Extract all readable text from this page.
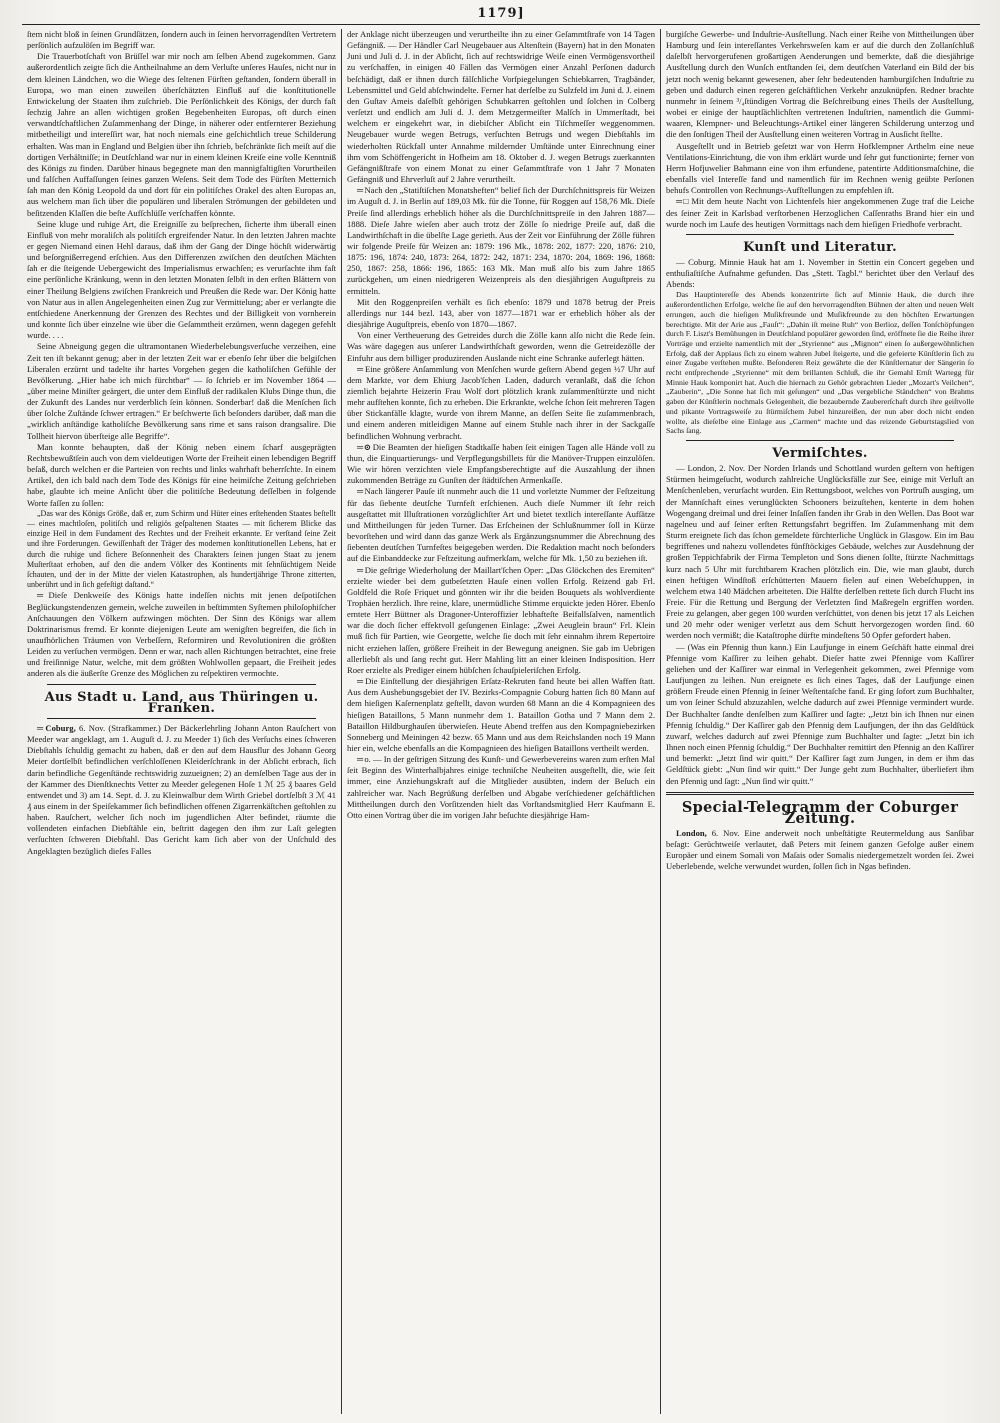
1179]

ſtem nicht bloß in ſeinen Grundſätzen, ſondern auch in ſeinen hervorragendſten Vertretern perſönlich aufzulöſen im Begriff war.

Die Trauerbotſchaft von Brüſſel war mir noch am ſelben Abend zugekommen. Ganz außerordentlich zeigte ſich die Antheilnahme an dem Verluſte unſeres Hauſes, nicht nur in dem kleinen Ländchen, wo die Wiege des ſeltenen Fürſten geſtanden, ſondern überall in Europa, wo man einen zuweilen überſchätzten Einfluß auf die konſtitutionelle Entwickelung der Staaten ihm zuſchrieb. Die Perſönlichkeit des Königs, der durch faſt ſechzig Jahre an allen wichtigen großen Begebenheiten Europas, oft durch einen verwandtſchaftlichen Zuſammenhang der Dinge, in näherer oder entfernterer Beziehung mitbetheiligt und intereſſirt war, hat noch niemals eine geſchichtlich treue Schilderung erhalten. Was man in England und Belgien über ihn ſchrieb, beſchränkte ſich meiſt auf die dortigen Verhältniſſe; in Deutſchland war nur in einem kleinen Kreiſe eine volle Kenntniß des Königs zu finden. Darüber hinaus begegnete man den mannigfaltigſten Vorurtheilen und falſchen Auffaſſungen ſeines ganzen Weſens. Seit dem Tode des Fürſten Metternich ſah man den König Leopold da und dort für ein politiſches Orakel des alten Europas an, aus welchem man ſich über die populären und liberalen Strömungen der gebildeten und beſitzenden Klaſſen die beſte Aufſchlüſſe verſchaffen könnte.

Seine kluge und ruhige Art, die Ereigniſſe zu beſprechen, ſicherte ihm überall einen Einfluß von mehr moraliſch als politiſch ergreifender Natur. In den letzten Jahren machte er gegen Niemand einen Hehl daraus, daß ihm der Gang der Dinge höchſt widerwärtig und beſorgnißerregend erſchien. Aus den Differenzen zwiſchen den deutſchen Mächten ſah er die ſteigende Uebergewicht des Imperialismus erwachſen; es verurſachte ihm faſt eine perſönliche Kränkung, wenn in den letzten Monaten ſelbſt in den erſten Blättern von einer Theilung Belgiens zwiſchen Frankreich und Preußen die Rede war. Der König hatte von Natur aus in allen Angelegenheiten einen Zug zur Vermittelung; aber er verlangte die entſchiedene Anerkennung der Grenzen des Rechtes und der Billigkeit von vornherein und konnte ſich über einzelne wie über die Geſammtheit erzürnen, wenn dagegen gefehlt wurde. . . .

Seine Abneigung gegen die ultramontanen Wiederbelebungsverſuche verzeihen, eine Zeit ten iſt bekannt genug; aber in der letzten Zeit war er ebenſo ſehr über die belgiſchen Liberalen erzürnt und tadelte ihr hartes Vorgehen gegen die katholiſchen Gefühle der Bevölkerung. „Hier habe ich mich fürchtbar“ — ſo ſchrieb er im November 1864 — „über meine Miniſter geärgert, die unter dem Einfluß der radikalen Klubs Dinge thun, die der Zukunft des Landes nur verderblich ſein können. Sonderbar! daß die Menſchen ſich über ſolche Zuſtände ſchwer ertragen.“ Er beſchwerte ſich beſonders darüber, daß man die „wirklich anſtändige katholiſche Bevölkerung sans rime et sans raison drangsalire. Die Tollheit hiervon überſteige alle Begriffe“.

Man konnte behaupten, daß der König neben einem ſcharf ausgeprägten Rechtsbewußtſein auch von dem vieldeutigen Worte der Freiheit einen lebendigen Begriff beſaß, durch welchen er die Parteien von rechts und links wahrhaft beherrſchte. In einem Artikel, den ich bald nach dem Tode des Königs für eine heimiſche Zeitung geſchrieben habe, glaubte ich meine Anſicht über die politiſche Bedeutung deſſelben in folgende Worte faſſen zu ſollen:

„Das war des Königs Größe, daß er, zum Schirm und Hüter eines erſtehenden Staates beſtellt — eines machtloſen, politiſch und religiös geſpaltenen Staates — mit ſicherem Blicke das einzige Heil in dem Fundament des Rechtes und der Freiheit erkannte. Er verſtand ſeine Zeit und ihre Forderungen. Gewiſſenhaft der Träger des modernen konſtitutionellen Lebens, hat er durch die ruhige und ſichere Beſonnenheit des Charakters ſeinen jungen Staat zu jenem Muſterſtaat erhoben, auf den die andern Völker des Kontinents mit ſehnſüchtigem Neide ſchauten, und der in der Mitte der vielen Katastrophen, als hundertjährige Throne zitterten, unberührt und in ſich gefeſtigt daſtand.“

═ Dieſe Denkweiſe des Königs hatte indeſſen nichts mit jenen deſpotiſchen Beglückungstendenzen gemein, welche zuweilen in beſtimmten Syſtemen philoſophiſcher Anſchauungen den Völkern aufzwingen möchten. Der Sinn des Königs war allem Doktrinarismus fremd. Er konnte diejenigen Leute am wenigſten begreifen, die ſich in unaufhörlichen Träumen von Verbeſſern, Reformiren und Revolutioniren die größten Leiden zu verſuchen vermögen. Denn er war, nach allen Richtungen betrachtet, eine freie und freiſinnige Natur, welche, mit dem größten Wohlwollen gepaart, die Freiheit jedes anderen als die äußerſte Grenze des Möglichen zu reſpektiren vermochte.

Aus Stadt u. Land, aus Thüringen u. Franken.

═ Coburg, 6. Nov. (Strafkammer.) Der Bäckerlehrling Johann Anton Rauſchert von Meeder war angeklagt, am 1. Auguſt d. J. zu Meeder 1) ſich des Verſuchs eines ſchweren Diebſtahls ſchuldig gemacht zu haben, daß er den auf dem Hausflur des Johann Georg Meier dortſelbſt befindlichen verſchloſſenen Kleiderſchrank in der Abſicht erbrach, ſich darin befindliche Gegenſtände rechtswidrig zuzueignen; 2) an demſelben Tage aus der in der Kammer des Dienſtknechts Vetter zu Meeder gelegenen Hoſe 1 ℳ 25 ₰ baares Geld entwendet und 3) am 14. Sept. d. J. zu Kleinwalbur dem Wirth Griebel dortſelbſt 3 ℳ 41 ₰ aus einem in der Speiſekammer ſich befindlichen offenen Zigarrenkäſtchen geſtohlen zu haben. Rauſchert, welcher ſich noch im jugendlichen Alter befindet, räumte die vollendeten einfachen Diebſtähle ein, beſtritt dagegen den ihm zur Laſt gelegten verſuchten ſchweren Diebſtahl. Das Gericht kam ſich aber von der Unſchuld des Angeklagten bezüglich dieſes Falles

der Anklage nicht überzeugen und verurtheilte ihn zu einer Geſammtſtrafe von 14 Tagen Gefängniß. — Der Händler Carl Neugebauer aus Altenſtein (Bayern) hat in den Monaten Juni und Juli d. J. in der Abſicht, ſich auf rechtswidrige Weiſe einen Vermögensvortheil zu verſchaffen, in einigen 40 Fällen das Vermögen einer Anzahl Perſonen dadurch beſchädigt, daß er ihnen durch fälſchliche Vorſpiegelungen Schiebkarren, Tragbänder, Lebensmittel und Geld abſchwindelte. Ferner hat derſelbe zu Sulzfeld im Juni d. J. einem den Guſtav Ameis daſelbſt gehörigen Schubkarren geſtohlen und ſolchen in Colberg verſetzt und endlich am Juli d. J. dem Metzgermeiſter Malſch in Ummerſtadt, bei welchem er eingekehrt war, in diebiſcher Abſicht ein Tiſchmeſſer weggenommen. Neugebauer wurde wegen Betrugs, verſuchten Betrugs und wegen Diebſtahls im wiederholten Rückfall unter Annahme mildernder Umſtände unter Einrechnung einer ihm vom Schöffengericht in Hofheim am 18. Oktober d. J. wegen Betrugs zuerkannten Gefängnißſtrafe von einem Monat zu einer Geſammtſtrafe von 1 Jahr 7 Monaten Gefängniß und Ehrverluſt auf 2 Jahre verurtheilt.

═ Nach den „Statiſtiſchen Monatsheften“ belief ſich der Durchſchnittspreis für Weizen im Auguſt d. J. in Berlin auf 189,03 Mk. für die Tonne, für Roggen auf 158,76 Mk. Dieſe Preiſe ſind allerdings erheblich höher als die Durchſchnittspreiſe in den Jahren 1887—1888. Dieſe Jahre wieſen aber auch trotz der Zölle ſo niedrige Preiſe auf, daß die Landwirthſchaft in die übelſte Lage gerieth. Aus der Zeit vor Einführung der Zölle führen wir folgende Preiſe für Weizen an: 1879: 196 Mk., 1878: 202, 1877: 220, 1876: 210, 1875: 196, 1874: 240, 1873: 264, 1872: 242, 1871: 234, 1870: 204, 1869: 196, 1868: 250, 1867: 258, 1866: 196, 1865: 163 Mk. Man muß alſo bis zum Jahre 1865 zurückgehen, um einen niedrigeren Weizenpreis als den diesjährigen Auguſtpreis zu ermitteln.

Mit den Roggenpreiſen verhält es ſich ebenſo: 1879 und 1878 betrug der Preis allerdings nur 144 bezl. 143, aber von 1877—1871 war er erheblich höher als der diesjährige Auguſtpreis, ebenſo von 1870—1867.

Von einer Vertheuerung des Getreides durch die Zölle kann alſo nicht die Rede ſein. Was wäre dagegen aus unſerer Landwirthſchaft geworden, wenn die Getreidezölle der Einfuhr aus dem billiger produzirenden Auslande nicht eine Schranke auferlegt hätten.

═ Eine größere Anſammlung von Menſchen wurde geſtern Abend gegen ½7 Uhr auf dem Markte, vor dem Ehiurg Jacob'ſchen Laden, dadurch veranlaßt, daß die ſchon ziemlich bejahrte Heizerin Frau Wolf dort plötzlich krank zuſammenſtürzte und nicht mehr aufſtehen konnte, ſich zu erheben. Die Erkrankte, welche ſchon ſeit mehreren Tagen über Stickanfälle klagte, wurde von ihrem Manne, an deſſen Seite ſie zuſammenbrach, und einem anderen mitleidigen Manne auf einem Stuhle nach ihrer in der Sackgaſſe befindlichen Wohnung verbracht.

═ ⊙ Die Beamten der hieſigen Stadtkaſſe haben ſeit einigen Tagen alle Hände voll zu thun, die Einquartierungs- und Verpflegungsbillets für die Manöver-Truppen einzulöſen. Wie wir hören verzichten viele Empfangsberechtigte auf die Auszahlung der ihnen zukommenden Beträge zu Gunſten der ſtädtiſchen Armenkaſſe.

═ Nach längerer Pauſe iſt nunmehr auch die 11 und vorletzte Nummer der Feſtzeitung für das ſiebente deutſche Turnfeſt erſchienen. Auch dieſe Nummer iſt ſehr reich ausgeſtattet mit Illuſtrationen vorzüglichſter Art und bietet textlich intereſſante Aufſätze und Mittheilungen für jeden Turner. Das Erſcheinen der Schlußnummer ſoll in Kürze bevorſtehen und wird dann das ganze Werk als Ergänzungsnummer die Abrechnung des ſiebenten deutſchen Turnfeſtes beigegeben werden. Die Redaktion macht noch beſonders auf die Einbanddecke zur Feſtzeitung aufmerkſam, welche für Mk. 1,50 zu beziehen iſt.

═ Die geſtrige Wiederholung der Maillart'ſchen Oper: „Das Glöckchen des Eremiten“ erzielte wieder bei dem gutbeſetzten Hauſe einen vollen Erfolg. Reizend gab Frl. Goldfeld die Roſe Friquet und gönnten wir ihr die beiden Bouquets als wohlverdiente Trophäen herzlich. Ihre reine, klare, unermüdliche Stimme erquickte jeden Hörer. Ebenſo erntete Herr Büttner als Dragoner-Unteroffizier lebhafteſte Beifallsſalven, namentlich war die doch ſicher effektvoll geſungenen Einlage: „Zwei Aeuglein braun“ Frl. Klein muß ſich für Partien, wie Georgette, welche ſie doch mit ſehr einnahm ihrem Repertoire nicht erziehen laſſen, größere Freiheit in der Bewegung aneignen. Sie gab im Uebrigen allerliebſt als und ſang recht gut. Herr Mahling litt an einer kleinen Indisposition. Herr Roer erzielte als Prediger einem hübſchen ſchauſpieleriſchen Erfolg.

═ Die Einſtellung der diesjährigen Erſatz-Rekruten fand heute bei allen Waffen ſtatt. Aus dem Aushebungsgebiet der IV. Bezirks-Compagnie Coburg hatten ſich 80 Mann auf dem hieſigen Kaſernenplatz geſtellt, davon wurden 68 Mann an die 4 Kompagnieen des hieſigen Bataillons, 5 Mann nunmehr dem 1. Bataillon Gotha und 7 Mann dem 2. Bataillon Hildburghauſen überwieſen. Heute Abend treffen aus den Kompagniebezirken Sonneberg und Meiningen 42 bezw. 65 Mann und aus dem Reichslanden noch 19 Mann hier ein, welche ebenfalls an die Kompagnieen des hieſigen Bataillons vertheilt werden.

═ o. — In der geſtrigen Sitzung des Kunſt- und Gewerbevereins waren zum erſten Mal ſeit Beginn des Winterhalbjahres einige techniſche Neuheiten ausgeſtellt, die, wie ſeit immer, eine Anziehungskraft auf die Mitglieder ausübten, indem der Beſuch ein zahlreicher war. Nach Begrüßung derſelben und Abgabe verſchiedener geſchäftlichen Mittheilungen durch den Vorſitzenden hielt das Vorſtandsmitglied Herr Kaufmann E. Otto einen Vortrag über die im vorigen Jahr beſuchte diesjährige Ham-

burgiſche Gewerbe- und Induſtrie-Ausſtellung. Nach einer Reihe von Mittheilungen über Hamburg und ſein intereſſantes Verkehrsweſen kam er auf die durch den Zollanſchluß daſelbſt hervorgerufenen großartigen Aenderungen und bemerkte, daß die diesjährige Ausſtellung durch den Wunſch entſtanden ſei, dem deutſchen Vaterland ein Bild der bis jetzt noch wenig bekannt gewesenen, aber ſehr bedeutenden hamburgiſchen Induſtrie zu geben und dadurch einen regeren geſchäftlichen Verkehr anzuknüpfen. Redner brachte nunmehr in ſeinem ³/₄ſtündigen Vortrag die Beſchreibung eines Theils der Ausſtellung, wobei er einige der hauptſächlichſten vertretenen Induſtrien, namentlich die Gummi-waaren, Klempner- und Beleuchtungs-Artikel einer längeren Schilderung unterzog und die den ſonſtigen Theil der Ausſtellung einen weiteren Vortrag in Ausſicht ſtellte.

Ausgeſtellt und in Betrieb geſetzt war von Herrn Hofklempner Arthelm eine neue Ventilations-Einrichtung, die von ihm erklärt wurde und ſehr gut functionirte; ferner von Herrn Hofjuwelier Bahmann eine von ihm erfundene, patentirte Additionsmaſchine, die ebenfalls viel Intereſſe fand und namentlich für im Rechnen wenig geübte Perſonen behufs Controllen von Rechnungs-Aufſtellungen zu empfehlen iſt.

═ □ Mit dem heute Nacht von Lichtenfels hier angekommenen Zuge traf die Leiche des ſeiner Zeit in Karlsbad verſtorbenen Herzoglichen Caſſenraths Brand hier ein und wurde noch im Laufe des heutigen Vormittags nach dem hieſigen Friedhofe verbracht.

Kunſt und Literatur.

— Coburg. Minnie Hauk hat am 1. November in Stettin ein Concert gegeben und enthuſiaſtiſche Aufnahme gefunden. Das „Stett. Tagbl.“ berichtet über den Verlauf des Abends:

Das Hauptintereſſe des Abends konzentrirte ſich auf Minnie Hauk, die durch ihre außerordentlichen Erfolge, welche ſie auf den hervorragendſten Bühnen der alten und neuen Welt errungen, auch die hieſigen Muſikfreunde und Muſikfreunde zu den höchſten Erwartungen berechtigte. Mit der Arie aus „Fauſt“: „Dahin iſt meine Ruh“ von Berlioz, deſſen Tonſchöpfungen durch F. Liszt's Bemühungen in Deutſchland populärer geworden ſind, eröffnete ſie die Reihe ihrer Vorträge und erzielte namentlich mit der „Styrienne“ aus „Mignon“ einen ſo außergewöhnlichen Erfolg, daß der Applaus ſich zu einem wahren Jubel ſteigerte, und die gefeierte Künſtlerin ſich zu einer Zugabe verſtehen mußte. Beſonderen Reiz gewährte die der Künſtlernatur der Sängerin ſo recht entſprechende „Styrienne“ mit dem brillanten Schluß, die ihr Gemahl Ernſt Wartegg für Minnie Hauk komponirt hat. Auch die hiernach zu Gehör gebrachten Lieder „Mozart's Veilchen“, „Zauberin“, „Die Sonne hat ſich mit geſungen“ und „Das vergebliche Ständchen“ von Brahms gaben der Künſtlerin nochmals Gelegenheit, die bezaubernde Zaubererſchaft durch ihre geiſtvolle und pikante Vortragsweiſe zu ſtürmiſchem Jubel hinzureißen, der nun aber doch nicht enden wollte, als dieſelbe eine Einlage aus „Carmen“ machte und das reizende Geburtstagslied von Sachs ſang.

Vermiſchtes.

— London, 2. Nov. Der Norden Irlands und Schottland wurden geſtern von heftigen Stürmen heimgeſucht, wodurch zahlreiche Unglücksfälle zur See, einige mit Verluſt an Menſchenleben, verurſacht wurden. Ein Rettungsboot, welches von Portruſh ausging, um der Mannſchaft eines verunglückten Schooners beizuſtehen, kenterte in dem hohen Wogengang dreimal und drei ſeiner Inſaſſen fanden ihr Grab in den Wellen. Das Boot war nagelneu und auf ſeiner erſten Rettungsfahrt begriffen. Im Zuſammenhang mit dem Sturm ereignete ſich das ſchon gemeldete fürchterliche Unglück in Glasgow. Ein im Bau begriffenes und nahezu vollendetes fünfſtöckiges Gebäude, welches zur Ausdehnung der großen Teppichfabrik der Firma Templeton und Sons dienen ſollte, ſtürzte Nachmittags kurz nach 5 Uhr mit furchtbarem Krachen plötzlich ein. Die, wie man glaubt, durch einen heftigen Windſtoß erſchütterten Mauern fielen auf einen Webeſchuppen, in welchem etwa 140 Mädchen arbeiteten. Die Hälfte derſelben rettete ſich durch Flucht ins Freie. Für die Rettung und Bergung der Verletzten ſind Maßregeln ergriffen worden. Freie zu gelangen, aber gegen 100 wurden verſchüttet, von denen bis jetzt 17 als Leichen und 20 mehr oder weniger verletzt aus dem Schutt hervorgezogen worden ſind. 60 werden noch vermißt; die Kataſtrophe dürfte mindeſtens 50 Opfer gefordert haben.

— (Was ein Pfennig thun kann.) Ein Laufjunge in einem Geſchäft hatte einmal drei Pfennige vom Kaſſirer zu leihen gehabt. Dieſer hatte zwei Pfennige vom Kaſſirer geliehen und der Kaſſirer war einmal in Verlegenheit gekommen, zwei Pfennige vom Laufjungen zu leihen. Nun ereignete es ſich eines Tages, daß der Laufjunge einen größern Freude einen Pfennig in ſeiner Weſtentaſche fand. Er ging ſofort zum Buchhalter, um von ſeiner Schuld abzuzahlen, welche dadurch auf zwei Pfennige vermindert wurde. Der Buchhalter ſandte denſelben zum Kaſſirer und ſagte: „Jetzt bin ich Ihnen nur einen Pfennig ſchuldig.“ Der Kaſſirer gab den Pfennig dem Laufjungen, der ihn das Geldſtück zuwarf, welches dadurch auf zwei Pfennige zum Buchhalter und ſagte: „Jetzt bin ich Ihnen noch einen Pfennig ſchuldig.“ Der Buchhalter remittirt den Pfennig an den Kaſſirer und bemerkt: „Jetzt ſind wir quitt.“ Der Kaſſirer ſagt zum Jungen, in dem er ihm das Geldſtück giebt: „Nun ſind wir quitt.“ Der Junge geht zum Buchhalter, überliefert ihm den Pfennig und ſagt: „Nun ſind wir quitt.“

Special-Telegramm der Coburger Zeitung.

London, 6. Nov. Eine anderweit noch unbeſtätigte Reutermeldung aus Sanſibar beſagt: Gerüchtweiſe verlautet, daß Peters mit ſeinem ganzen Gefolge außer einem Europäer und einem Somali von Maſais oder Somalis niedergemetzelt worden ſei. Zwei Ueberlebende, welche verwundet wurden, ſollen ſich in Ngas befinden.
